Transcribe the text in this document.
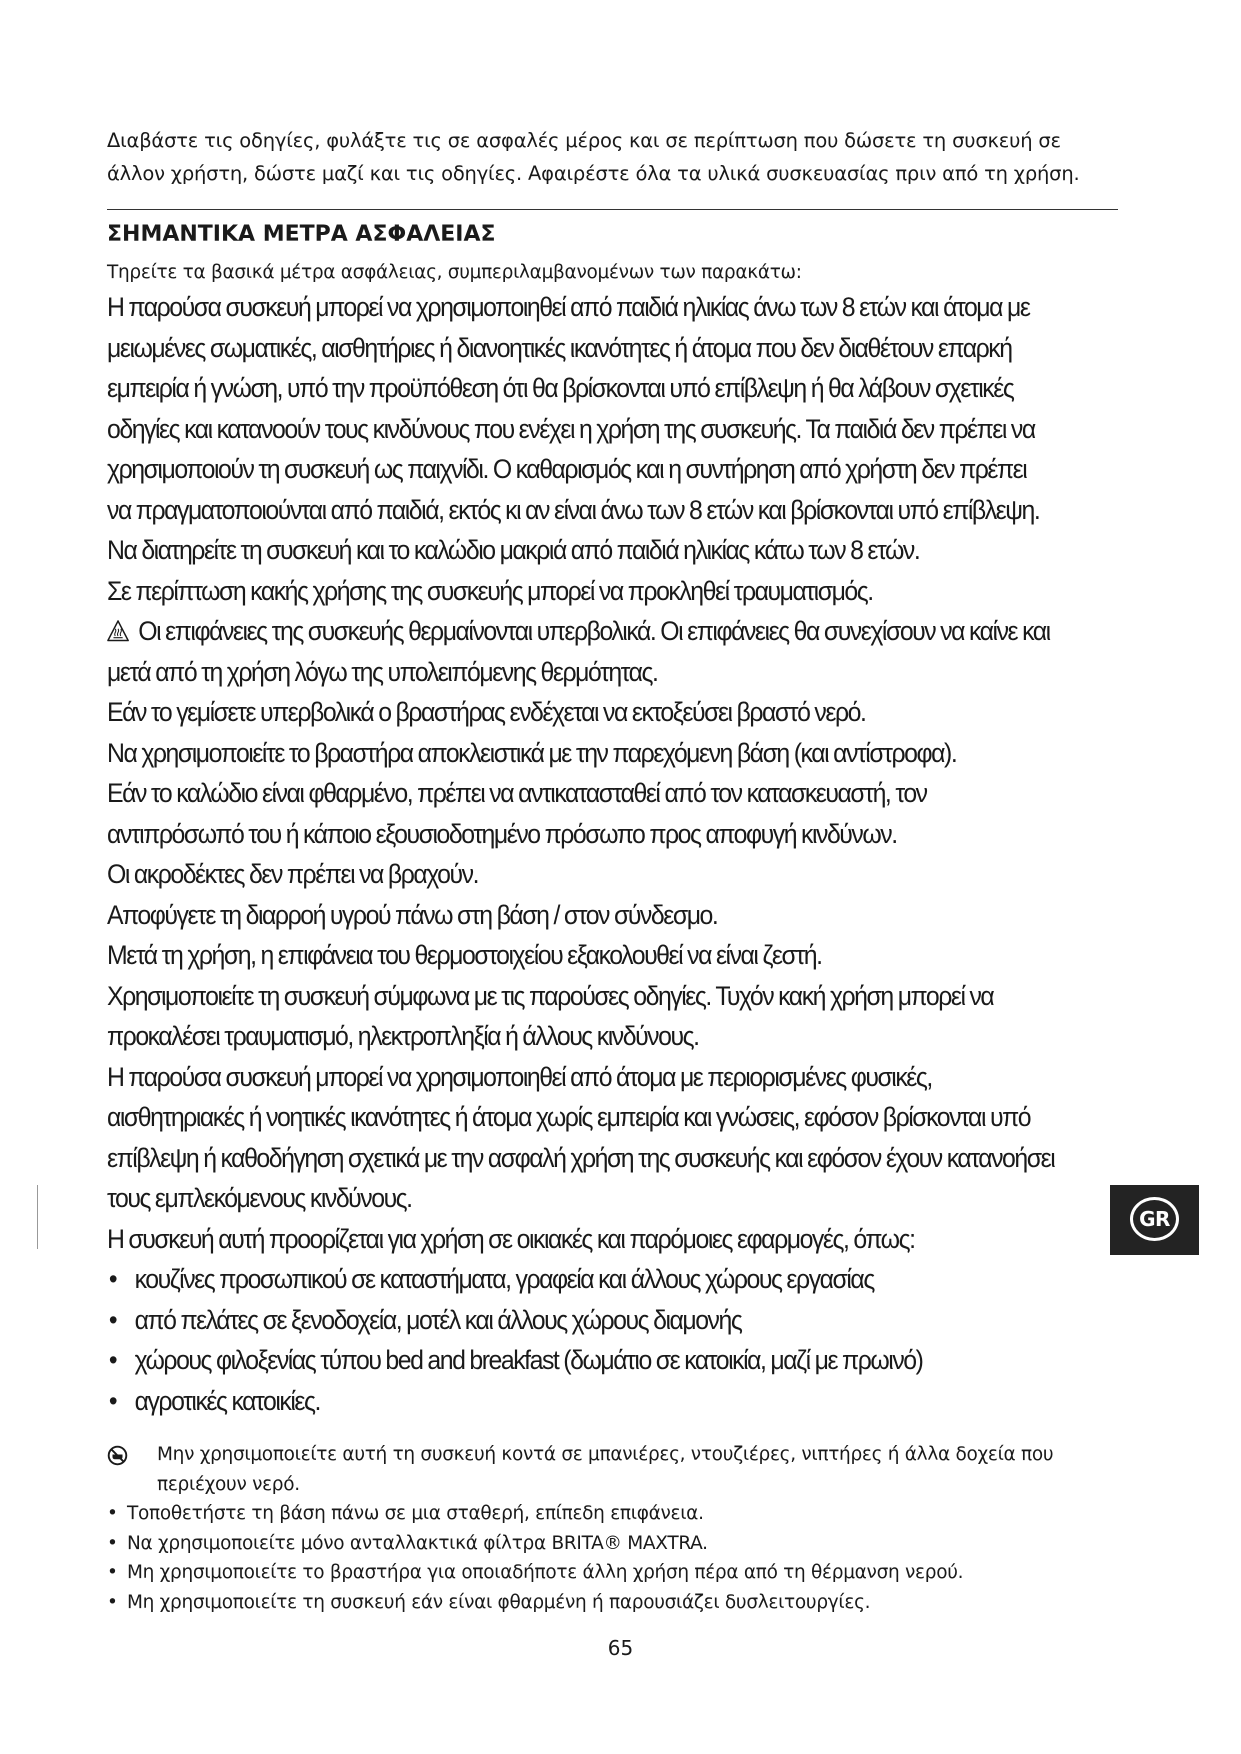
Διαβάστε τις οδηγίες, φυλάξτε τις σε ασφαλές μέρος και σε περίπτωση που δώσετε τη συσκευή σε άλλον χρήστη, δώστε μαζί και τις οδηγίες. Αφαιρέστε όλα τα υλικά συσκευασίας πριν από τη χρήση.
ΣΗΜΑΝΤΙΚΑ ΜΕΤΡΑ ΑΣΦΑΛΕΙΑΣ
Τηρείτε τα βασικά μέτρα ασφάλειας, συμπεριλαμβανομένων των παρακάτω:

Η παρούσα συσκευή μπορεί να χρησιμοποιηθεί από παιδιά ηλικίας άνω των 8 ετών και άτομα με μειωμένες σωματικές, αισθητήριες ή διανοητικές ικανότητες ή άτομα που δεν διαθέτουν επαρκή εμπειρία ή γνώση, υπό την προϋπόθεση ότι θα βρίσκονται υπό επίβλεψη ή θα λάβουν σχετικές οδηγίες και κατανοούν τους κινδύνους που ενέχει η χρήση της συσκευής. Τα παιδιά δεν πρέπει να χρησιμοποιούν τη συσκευή ως παιχνίδι. Ο καθαρισμός και η συντήρηση από χρήστη δεν πρέπει να πραγματοποιούνται από παιδιά, εκτός κι αν είναι άνω των 8 ετών και βρίσκονται υπό επίβλεψη. Να διατηρείτε τη συσκευή και το καλώδιο μακριά από παιδιά ηλικίας κάτω των 8 ετών.

Σε περίπτωση κακής χρήσης της συσκευής μπορεί να προκληθεί τραυματισμός.

Οι επιφάνειες της συσκευής θερμαίνονται υπερβολικά. Οι επιφάνειες θα συνεχίσουν να καίνε και μετά από τη χρήση λόγω της υπολειπόμενης θερμότητας.

Εάν το γεμίσετε υπερβολικά ο βραστήρας ενδέχεται να εκτοξεύσει βραστό νερό.

Να χρησιμοποιείτε το βραστήρα αποκλειστικά με την παρεχόμενη βάση (και αντίστροφα).

Εάν το καλώδιο είναι φθαρμένο, πρέπει να αντικατασταθεί από τον κατασκευαστή, τον αντιπρόσωπό του ή κάποιο εξουσιοδοτημένο πρόσωπο προς αποφυγή κινδύνων.

Οι ακροδέκτες δεν πρέπει να βραχούν.

Αποφύγετε τη διαρροή υγρού πάνω στη βάση / στον σύνδεσμο.

Μετά τη χρήση, η επιφάνεια του θερμοστοιχείου εξακολουθεί να είναι ζεστή.

Χρησιμοποιείτε τη συσκευή σύμφωνα με τις παρούσες οδηγίες. Τυχόν κακή χρήση μπορεί να προκαλέσει τραυματισμό, ηλεκτροπληξία ή άλλους κινδύνους.

Η παρούσα συσκευή μπορεί να χρησιμοποιηθεί από άτομα με περιορισμένες φυσικές, αισθητηριακές ή νοητικές ικανότητες ή άτομα χωρίς εμπειρία και γνώσεις, εφόσον βρίσκονται υπό επίβλεψη ή καθοδήγηση σχετικά με την ασφαλή χρήση της συσκευής και εφόσον έχουν κατανοήσει τους εμπλεκόμενους κινδύνους.

Η συσκευή αυτή προορίζεται για χρήση σε οικιακές και παρόμοιες εφαρμογές, όπως:

• κουζίνες προσωπικού σε καταστήματα, γραφεία και άλλους χώρους εργασίας
• από πελάτες σε ξενοδοχεία, μοτέλ και άλλους χώρους διαμονής
• χώρους φιλοξενίας τύπου bed and breakfast (δωμάτιο σε κατοικία, μαζί με πρωινό)
• αγροτικές κατοικίες.
Μην χρησιμοποιείτε αυτή τη συσκευή κοντά σε μπανιέρες, ντουζιέρες, νιπτήρες ή άλλα δοχεία που περιέχουν νερό.
• Τοποθετήστε τη βάση πάνω σε μια σταθερή, επίπεδη επιφάνεια.
• Να χρησιμοποιείτε μόνο ανταλλακτικά φίλτρα BRITA® MAXTRA.
• Μη χρησιμοποιείτε το βραστήρα για οποιαδήποτε άλλη χρήση πέρα από τη θέρμανση νερού.
• Μη χρησιμοποιείτε τη συσκευή εάν είναι φθαρμένη ή παρουσιάζει δυσλειτουργίες.
65
GR
